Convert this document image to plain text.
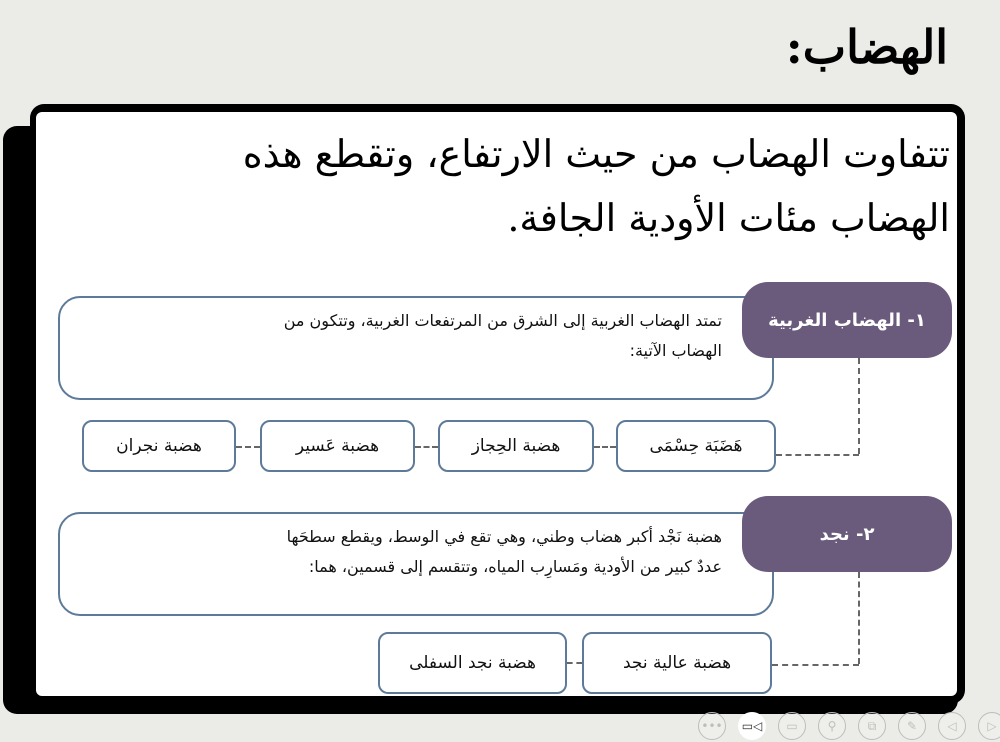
الهضاب:
تتفاوت الهضاب من حيث الارتفاع، وتقطع هذه
الهضاب مئات الأودية الجافة.
تمتد الهضاب الغربية إلى الشرق من المرتفعات الغربية، وتتكون من
الهضاب الآتية:
١- الهضاب الغربية
هَضَبَة حِسْمَى
هضبة الحِجاز
هضبة عَسير
هضبة نجران
هضبة نَجْد أكبر هضاب وطني، وهي تقع في الوسط، ويقطع سطحَها
عددٌ كبير من الأودية ومَسارِب المياه، وتتقسم إلى قسمين، هما:
٢- نجد
هضبة عالية نجد
هضبة نجد السفلى
••• ▭◁ ▭ ⚲	⧉	✎	◁	▷
